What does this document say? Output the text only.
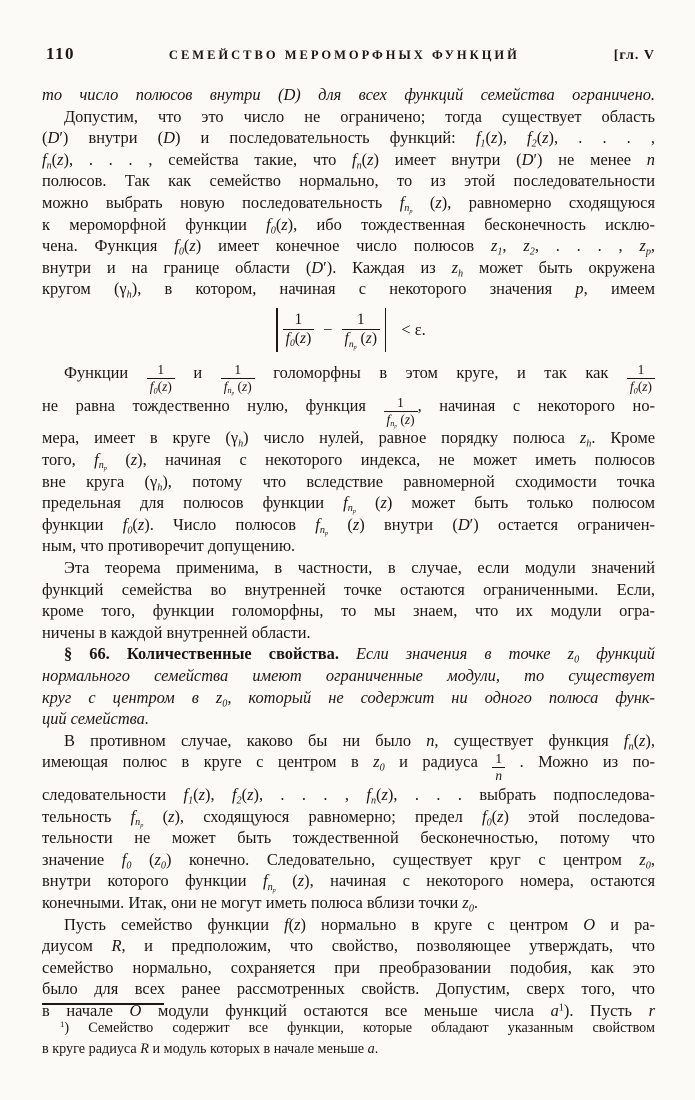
110	СЕМЕЙСТВО МЕРОМОРФНЫХ ФУНКЦИЙ	[гл. V
то число полюсов внутри (D) для всех функций семейства ограничено.
Допустим, что это число не ограничено; тогда существует область
(D′) внутри (D) и последовательность функций: f1(z), f2(z), . . . ,
fn(z), . . . , семейства такие, что fn(z) имеет внутри (D′) не менее n
полюсов. Так как семейство нормально, то из этой последовательности
можно выбрать новую последовательность fnp (z), равномерно сходящуюся
к мероморфной функции f0(z), ибо тождественная бесконечность исклю-
чена. Функция f0(z) имеет конечное число полюсов z1, z2, . . . , zp,
внутри и на границе области (D′). Каждая из zh может быть окружена
кругом (γh), в котором, начиная с некоторого значения p, имеем
$\frac{1}{f0(z)} - \frac{1}{\text{fnp (z)}} < \varepsilon$.
Функции $\frac{1}{f0(z)}$ и $\frac{1}{\text{fnp (z)}}$ голоморфны в этом круге, и так как $\frac{1}{f0(z)}$
не равна тождественно нулю, функция $\frac{1}{\text{fnp (z)}}$ , начиная с некоторого но-
мера, имеет в круге (γh) число нулей, равное порядку полюса zh. Кроме
того, fnp (z), начиная с некоторого индекса, не может иметь полюсов
вне круга (γh), потому что вследствие равномерной сходимости точка
предельная для полюсов функции fnp (z) может быть только полюсом
функции f0(z). Число полюсов fnp (z) внутри (D′) остается ограничен-
ным, что противоречит допущению.
Эта теорема применима, в частности, в случае, если модули значений
функций семейства во внутренней точке остаются ограниченными. Если,
кроме того, функции голоморфны, то мы знаем, что их модули огра-
ничены в каждой внутренней области.
§ 66. Количественные свойства. Если значения в точке z0 функций
нормального семейства имеют ограниченные модули, то существует
круг с центром в z0, который не содержит ни одного полюса функ-
ций семейства.
В противном случае, каково бы ни было n, существует функция fn(z),
имеющая полюс в круге с центром в z0 и радиуса $\frac{1}{n}$ . Можно из по-
следовательности f1(z), f2(z), . . . , fn(z), . . . выбрать подпоследова-
тельность fnp (z), сходящуюся равномерно; предел f0(z) этой последова-
тельности не может быть тождественной бесконечностью, потому что
значение f0 (z0) конечно. Следовательно, существует круг с центром z0,
внутри которого функции fnp (z), начиная с некоторого номера, остаются
конечными. Итак, они не могут иметь полюса вблизи точки z0.
Пусть семейство функции f(z) нормально в круге с центром O и ра-
диусом R, и предположим, что свойство, позволяющее утверждать, что
семейство нормально, сохраняется при преобразовании подобия, как это
было для всех ранее рассмотренных свойств. Допустим, сверх того, что
в начале O модули функций остаются все меньше числа $a^1$). Пусть r
$^1$) Семейство содержит все функции, которые обладают указанным свойством
в круге радиуса R и модуль которых в начале меньше a.
